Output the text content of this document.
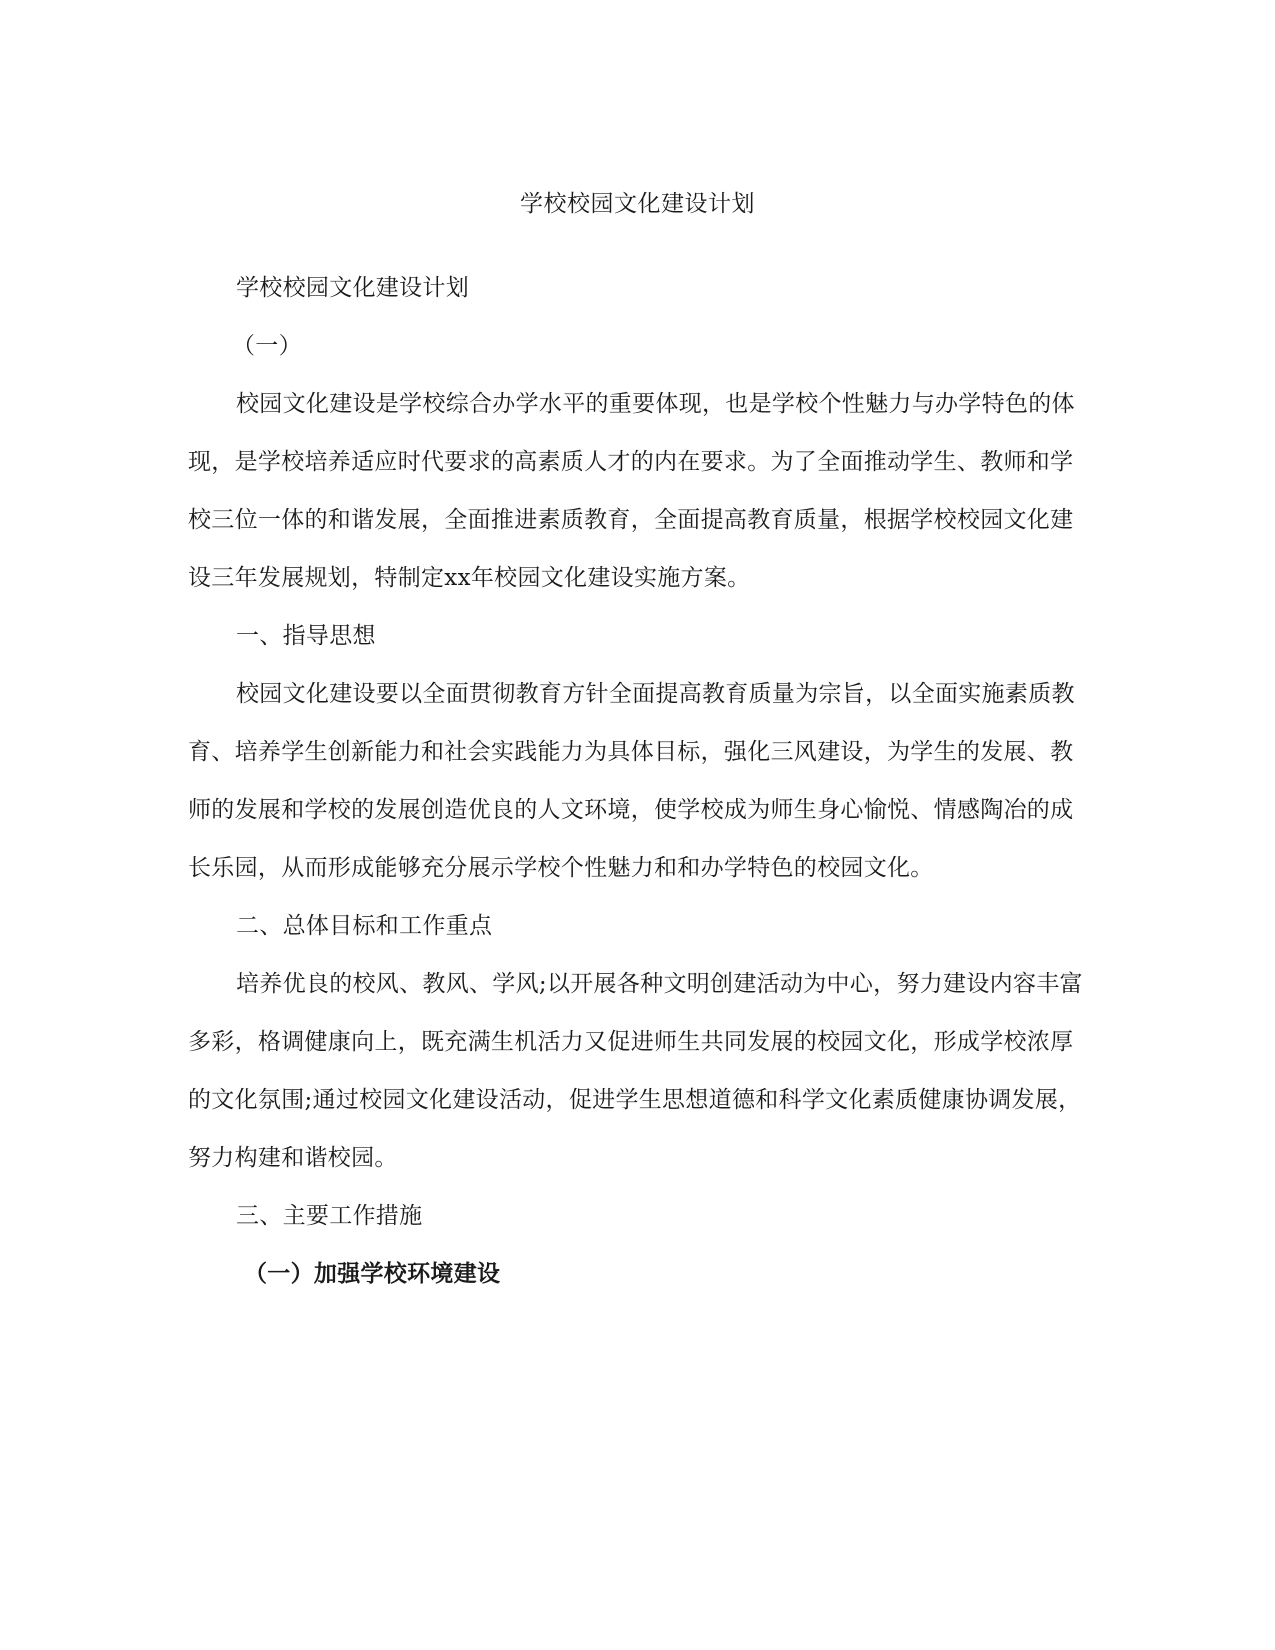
学校校园文化建设计划

学校校园文化建设计划

（一）

校园文化建设是学校综合办学水平的重要体现，也是学校个性魅力与办学特色的体现，是学校培养适应时代要求的高素质人才的内在要求。为了全面推动学生、教师和学校三位一体的和谐发展，全面推进素质教育，全面提高教育质量，根据学校校园文化建设三年发展规划，特制定xx年校园文化建设实施方案。

一、指导思想

校园文化建设要以全面贯彻教育方针全面提高教育质量为宗旨，以全面实施素质教育、培养学生创新能力和社会实践能力为具体目标，强化三风建设，为学生的发展、教师的发展和学校的发展创造优良的人文环境，使学校成为师生身心愉悦、情感陶冶的成长乐园，从而形成能够充分展示学校个性魅力和和办学特色的校园文化。

二、总体目标和工作重点

培养优良的校风、教风、学风;以开展各种文明创建活动为中心，努力建设内容丰富多彩，格调健康向上，既充满生机活力又促进师生共同发展的校园文化，形成学校浓厚的文化氛围;通过校园文化建设活动，促进学生思想道德和科学文化素质健康协调发展，努力构建和谐校园。

三、主要工作措施

（一）加强学校环境建设
